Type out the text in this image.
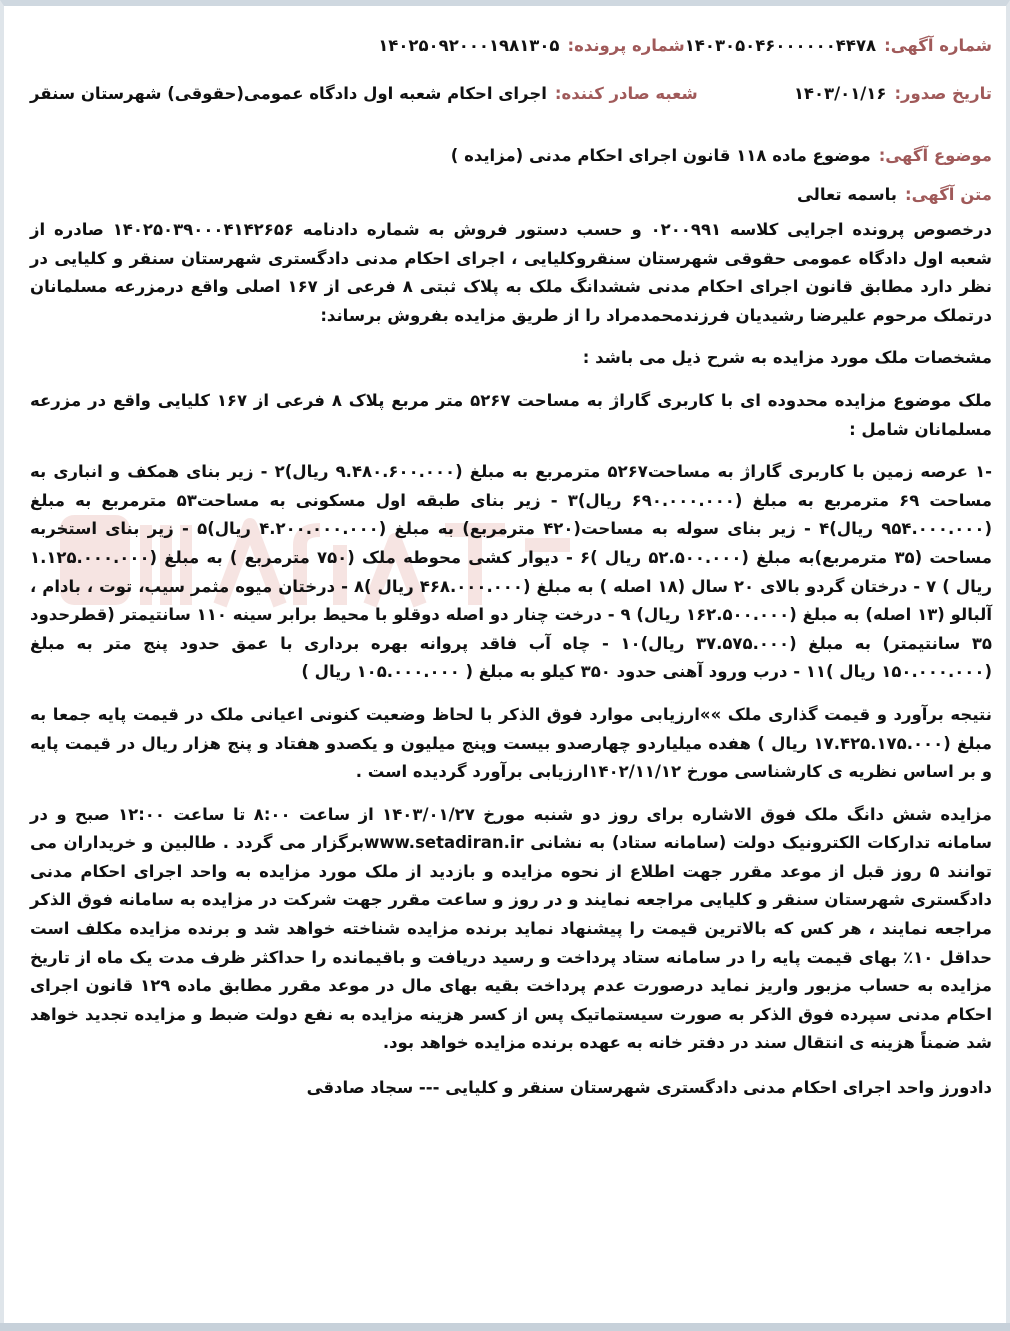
شماره آگهی:۱۴۰۳۰۵۰۴۶۰۰۰۰۰۰۴۴۷۸
شماره پرونده:۱۴۰۲۵۰۹۲۰۰۰۱۹۸۱۳۰۵
تاریخ صدور:۱۴۰۳/۰۱/۱۶
شعبه صادر کننده:اجرای احکام شعبه اول دادگاه عمومی(حقوقی) شهرستان سنقر
موضوع آگهی:موضوع ماده ۱۱۸ قانون اجرای احکام مدنی (مزایده )
متن آگهی:باسمه تعالی

درخصوص پرونده اجرایی کلاسه ۰۲۰۰۹۹۱ و حسب دستور فروش به شماره دادنامه ۱۴۰۲۵۰۳۹۰۰۰۴۱۴۲۶۵۶ صادره از شعبه اول دادگاه عمومی حقوقی شهرستان سنقروکلیایی ، اجرای احکام مدنی دادگستری شهرستان سنقر و کلیایی در نظر دارد مطابق قانون اجرای احکام مدنی ششدانگ ملک به پلاک ثبتی ۸ فرعی از ۱۶۷ اصلی واقع درمزرعه مسلمانان درتملک مرحوم علیرضا رشیدیان فرزندمحمدمراد را از طریق مزایده بفروش برساند:

مشخصات ملک مورد مزایده به شرح ذیل می باشد :

ملک موضوع مزایده محدوده ای با کاربری گاراژ به مساحت ۵۲۶۷ متر مربع پلاک ۸ فرعی از ۱۶۷ کلیایی واقع در مزرعه مسلمانان شامل :

-۱ عرصه زمین با کاربری گاراژ به مساحت۵۲۶۷ مترمربع به مبلغ (۹.۴۸۰.۶۰۰.۰۰۰ ریال)۲ - زیر بنای همکف و انباری به مساحت ۶۹ مترمربع به مبلغ (۶۹۰.۰۰۰.۰۰۰ ریال)۳ - زیر بنای طبقه اول مسکونی به مساحت۵۳ مترمربع به مبلغ (۹۵۴.۰۰۰.۰۰۰ ریال)۴ - زیر بنای سوله به مساحت(۴۲۰ مترمربع) به مبلغ (۴.۲۰۰.۰۰۰.۰۰۰ ریال)۵ - زیر بنای استخربه مساحت (۳۵ مترمربع)به مبلغ (۵۲.۵۰۰.۰۰۰ ریال )۶ - دیوار کشی محوطه ملک (۷۵۰ مترمربع ) به مبلغ (۱.۱۲۵.۰۰۰.۰۰۰ ریال ) ۷ - درختان گردو بالای ۲۰ سال (۱۸ اصله ) به مبلغ (۴۶۸.۰۰۰.۰۰۰ ریال )۸ - درختان میوه مثمر سیب، توت ، بادام ، آلبالو (۱۳ اصله) به مبلغ (۱۶۲.۵۰۰.۰۰۰ ریال) ۹ - درخت چنار دو اصله دوقلو با محیط برابر سینه ۱۱۰ سانتیمتر (قطرحدود ۳۵ سانتیمتر) به مبلغ (۳۷.۵۷۵.۰۰۰ ریال)۱۰ - چاه آب فاقد پروانه بهره برداری با عمق حدود پنج متر به مبلغ (۱۵۰.۰۰۰.۰۰۰ ریال )۱۱ - درب ورود آهنی حدود ۳۵۰ کیلو به مبلغ ( ۱۰۵.۰۰۰.۰۰۰ ریال )

نتیجه برآورد و قیمت گذاری ملک »»ارزیابی موارد فوق الذکر با لحاظ وضعیت کنونی اعیانی ملک در قیمت پایه جمعا به مبلغ (۱۷.۴۲۵.۱۷۵.۰۰۰ ریال ) هفده میلیاردو چهارصدو بیست وپنج میلیون و یکصدو هفتاد و پنج هزار ریال در قیمت پایه و بر اساس نظریه ی کارشناسی مورخ ۱۴۰۲/۱۱/۱۲ارزیابی برآورد گردیده است .

مزایده شش دانگ ملک فوق الاشاره برای روز دو شنبه مورخ ۱۴۰۳/۰۱/۲۷ از ساعت ۸:۰۰ تا ساعت ۱۲:۰۰ صبح و در سامانه تدارکات الکترونیک دولت (سامانه ستاد) به نشانی www.setadiran.irبرگزار می گردد . طالبین و خریداران می توانند ۵ روز قبل از موعد مقرر جهت اطلاع از نحوه مزایده و بازدید از ملک مورد مزایده به واحد اجرای احکام مدنی دادگستری شهرستان سنقر و کلیایی مراجعه نمایند و در روز و ساعت مقرر جهت شرکت در مزایده به سامانه فوق الذکر مراجعه نمایند ، هر کس که بالاترین قیمت را پیشنهاد نماید برنده مزایده شناخته خواهد شد و برنده مزایده مکلف است حداقل ۱۰٪ بهای قیمت پایه را در سامانه ستاد پرداخت و رسید دریافت و باقیمانده را حداکثر ظرف مدت یک ماه از تاریخ مزایده به حساب مزبور واریز نماید درصورت عدم پرداخت بقیه بهای مال در موعد مقرر مطابق ماده ۱۲۹ قانون اجرای احکام مدنی سپرده فوق الذکر به صورت سیستماتیک پس از کسر هزینه مزایده به نفع دولت ضبط و مزایده تجدید خواهد شد ضمناً هزینه ی انتقال سند در دفتر خانه به عهده برنده مزایده خواهد بود.

دادورز واحد اجرای احکام مدنی دادگستری شهرستان سنقر و کلیایی --- سجاد صادقی
